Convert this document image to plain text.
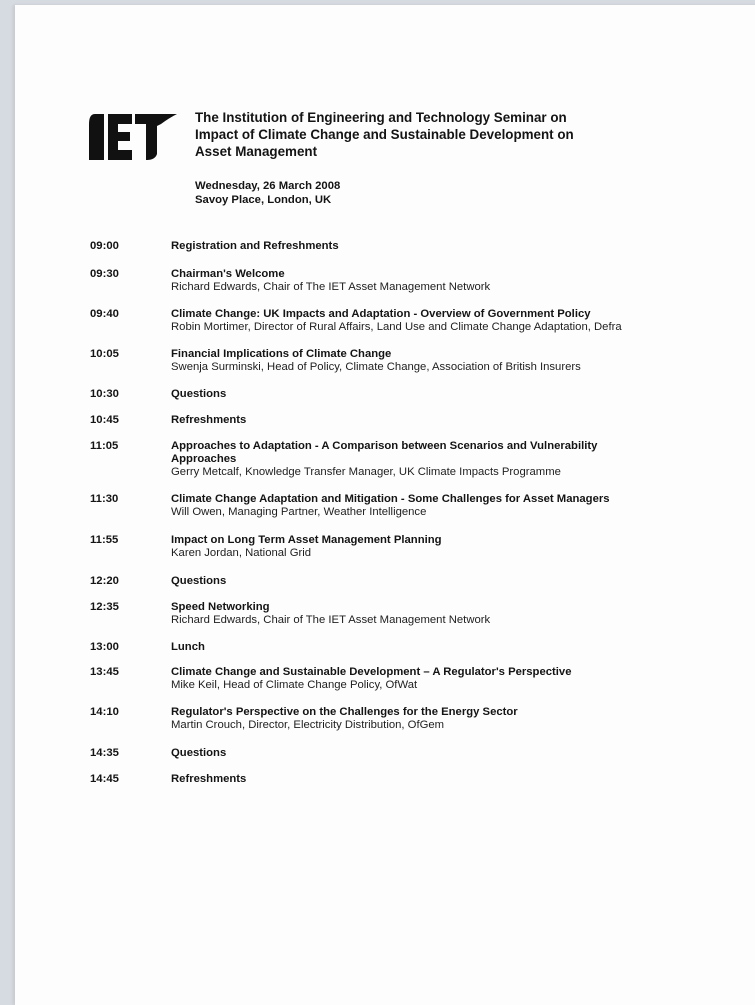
The Institution of Engineering and Technology Seminar on
Impact of Climate Change and Sustainable Development on
Asset Management
Wednesday, 26 March 2008
Savoy Place, London, UK
09:00	Registration and Refreshments
09:30	Chairman's Welcome
Richard Edwards, Chair of The IET Asset Management Network
09:40	Climate Change: UK Impacts and Adaptation - Overview of Government Policy
Robin Mortimer, Director of Rural Affairs, Land Use and Climate Change Adaptation, Defra
10:05	Financial Implications of Climate Change
Swenja Surminski, Head of Policy, Climate Change, Association of British Insurers
10:30	Questions
10:45	Refreshments
11:05	Approaches to Adaptation - A Comparison between Scenarios and Vulnerability Approaches
Gerry Metcalf, Knowledge Transfer Manager, UK Climate Impacts Programme
11:30	Climate Change Adaptation and Mitigation - Some Challenges for Asset Managers
Will Owen, Managing Partner, Weather Intelligence
11:55	Impact on Long Term Asset Management Planning
Karen Jordan, National Grid
12:20	Questions
12:35	Speed Networking
Richard Edwards, Chair of The IET Asset Management Network
13:00	Lunch
13:45	Climate Change and Sustainable Development – A Regulator's Perspective
Mike Keil, Head of Climate Change Policy, OfWat
14:10	Regulator's Perspective on the Challenges for the Energy Sector
Martin Crouch, Director, Electricity Distribution, OfGem
14:35	Questions
14:45	Refreshments
